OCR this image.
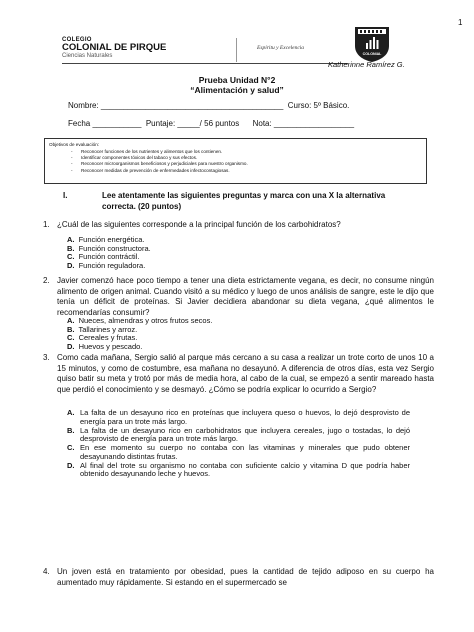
1
COLEGIO
COLONIAL DE PIRQUE
Ciencias Naturales
Espíritu y Excelencia
COLONIAL
Katherinne Ramírez G.
Prueba Unidad N°2
“Alimentación y salud”
Nombre: _________________________________________  Curso: 5º Básico.
Fecha ___________  Puntaje: _____/ 56 puntos      Nota: __________________
Objetivos de evaluación:
- Reconocer funciones de los nutrientes y alimentos que los contienen.
- Identificar componentes tóxicos del tabaco y sus efectos.
- Reconocer microorganismos beneficiosos y perjudiciales para nuestro organismo.
- Reconocer medidas de prevención de enfermedades infectocontagiosas.
I.	Lee atentamente las siguientes preguntas y marca con una X la alternativa
correcta. (20 puntos)
1. ¿Cuál de las siguientes corresponde a la principal función de los carbohidratos?
A. Función energética.
B. Función constructora.
C. Función contráctil.
D. Función reguladora.
2. Javier comenzó hace poco tiempo a tener una dieta estrictamente vegana, es decir, no consume ningún alimento de origen animal. Cuando visitó a su médico y luego de unos análisis de sangre, este le dijo que tenía un déficit de proteínas. Si Javier decidiera abandonar su dieta vegana, ¿qué alimentos le recomendarías consumir?
A. Nueces, almendras y otros frutos secos.
B. Tallarines y arroz.
C. Cereales y frutas.
D. Huevos y pescado.
3. Como cada mañana, Sergio salió al parque más cercano a su casa a realizar un trote corto de unos 10 a 15 minutos, y como de costumbre, esa mañana no desayunó. A diferencia de otros días, esta vez Sergio quiso batir su meta y trotó por más de media hora, al cabo de la cual, se empezó a sentir mareado hasta que perdió el conocimiento y se desmayó. ¿Cómo se podría explicar lo ocurrido a Sergio?
A. La falta de un desayuno rico en proteínas que incluyera queso o huevos, lo dejó desprovisto de energía para un trote más largo.
B. La falta de un desayuno rico en carbohidratos que incluyera cereales, jugo o tostadas, lo dejó desprovisto de energía para un trote más largo.
C. En ese momento su cuerpo no contaba con las vitaminas y minerales que pudo obtener desayunando distintas frutas.
D. Al final del trote su organismo no contaba con suficiente calcio y vitamina D que podría haber obtenido desayunando leche y huevos.
4. Un joven está en tratamiento por obesidad, pues la cantidad de tejido adiposo en su cuerpo ha aumentado muy rápidamente. Si estando en el supermercado se
